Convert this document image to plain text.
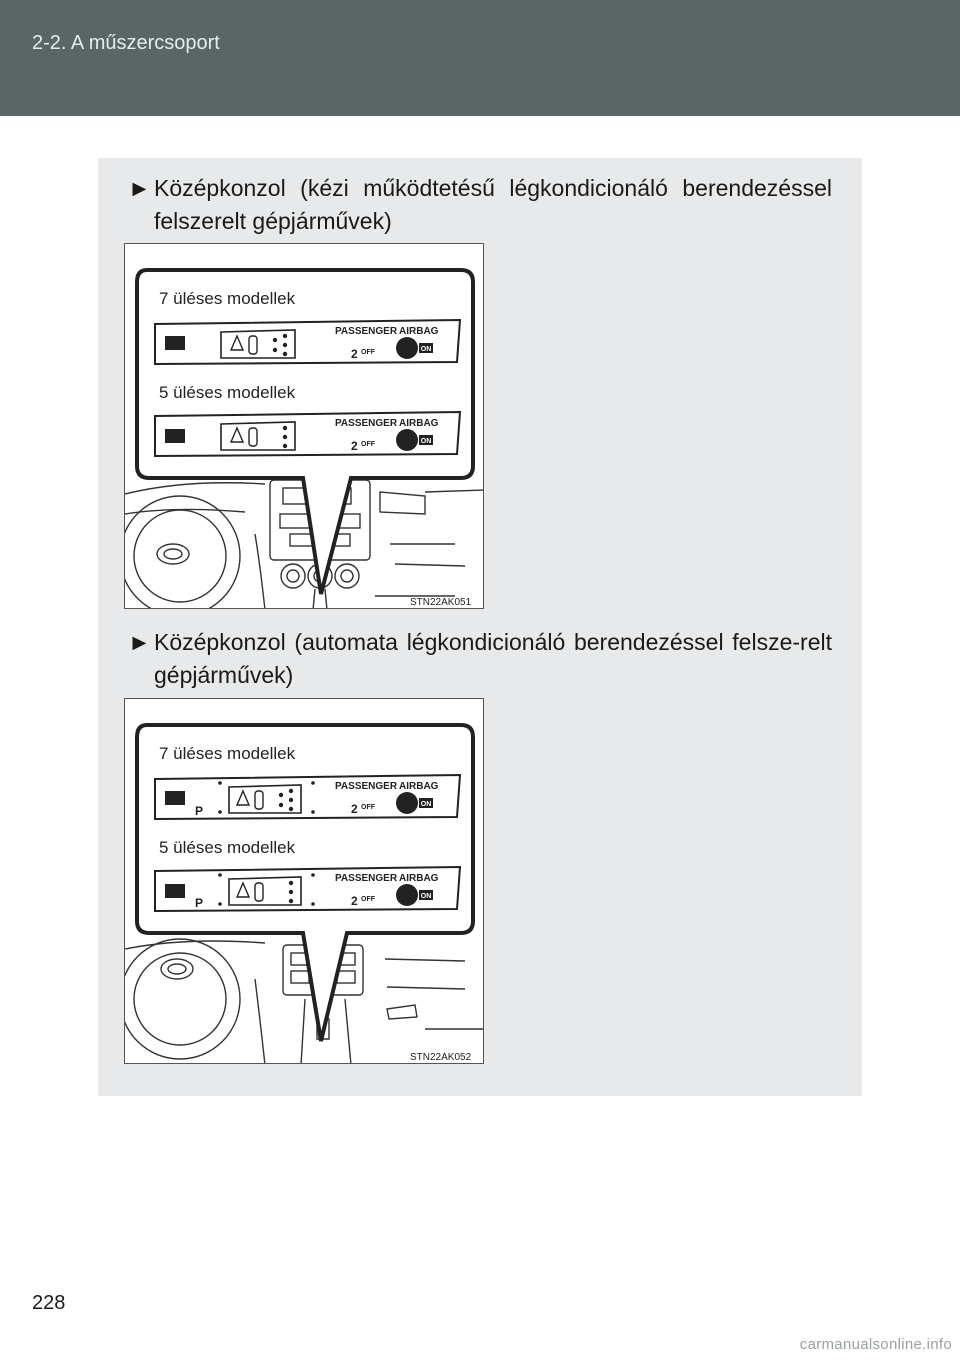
2-2. A műszercsoport
► Középkonzol (kézi működtetésű légkondicionáló berendezéssel felszerelt gépjárművek)
ON
PASSENGER AIRBAG
2 OFF
7 üléses modellek
5 üléses modellek
ON
PASSENGER AIRBAG
2 OFF
STN22AK051
► Középkonzol (automata légkondicionáló berendezéssel felsze-relt gépjárművek)
P	ON
PASSENGER AIRBAG
2 OFF
7 üléses modellek
5 üléses modellek
P	ON
PASSENGER AIRBAG
2 OFF
STN22AK052
228
carmanualsonline.info
